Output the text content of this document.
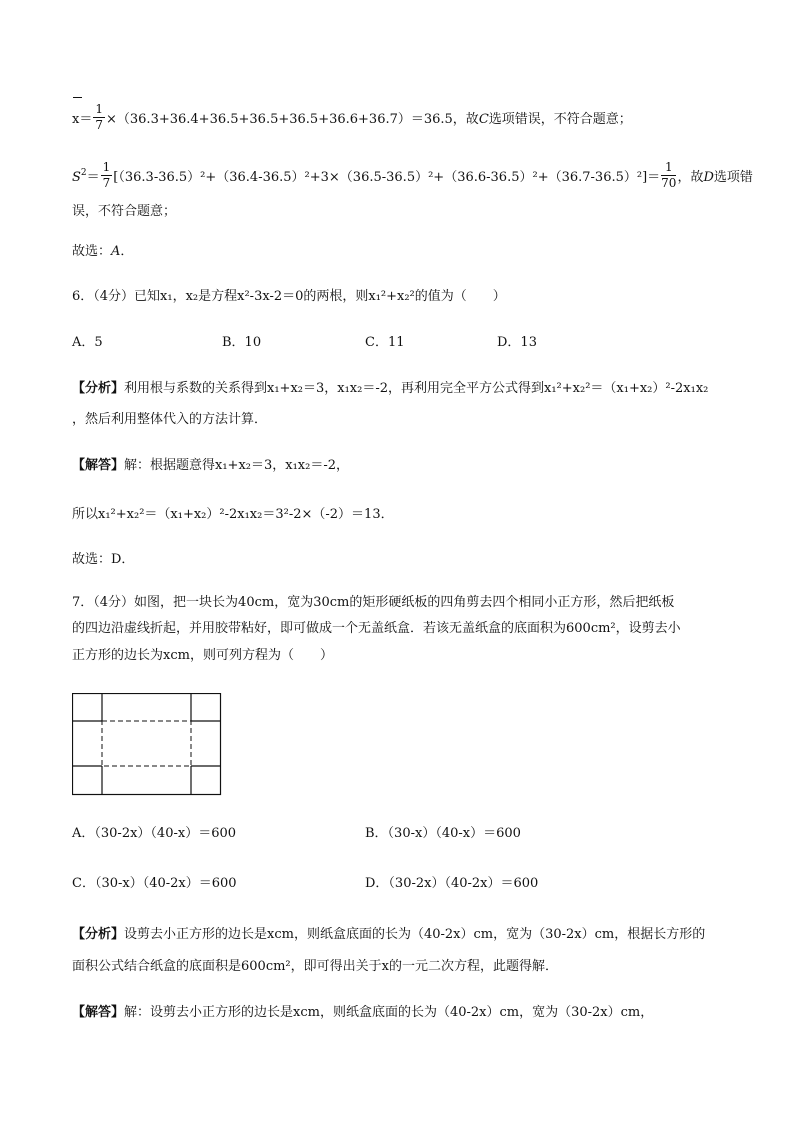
$x= \frac{1}{7} \times(36.3+36.4+36.5+36.5+36.5+36.6+36.7)=36.5$，故C选项错误，不符合题意；
$S^2= \frac{1}{7} [(36.3-36.5)^2+(36.4-36.5)^2+3\times(36.5-36.5)^2+(36.6-36.5)^2+(36.7-36.5)^2]= \frac{1}{70}$ ，故D选项错
误，不符合题意；
故选：A．
6．（4分）已知x₁，x₂是方程x²-3x-2＝0的两根，则x₁²+x₂²的值为（　　）
A．5	B．10	C．11	D．13
【分析】利用根与系数的关系得到x₁+x₂＝3，x₁x₂＝-2，再利用完全平方公式得到x₁²+x₂²＝（x₁+x₂）²-2x₁x₂
，然后利用整体代入的方法计算．
【解答】解：根据题意得x₁+x₂＝3，x₁x₂＝-2，
所以x₁²+x₂²＝（x₁+x₂）²-2x₁x₂＝3²-2×（-2）＝13．
故选：D．
7．（4分）如图，把一块长为40cm，宽为30cm的矩形硬纸板的四角剪去四个相同小正方形，然后把纸板
的四边沿虚线折起，并用胶带粘好，即可做成一个无盖纸盒．若该无盖纸盒的底面积为600cm²，设剪去小
正方形的边长为xcm，则可列方程为（　　）
A．（30-2x）（40-x）＝600	B．（30-x）（40-x）＝600
C．（30-x）（40-2x）＝600	D．（30-2x）（40-2x）＝600
【分析】设剪去小正方形的边长是xcm，则纸盒底面的长为（40-2x）cm，宽为（30-2x）cm，根据长方形的
面积公式结合纸盒的底面积是600cm²，即可得出关于x的一元二次方程，此题得解．
【解答】解：设剪去小正方形的边长是xcm，则纸盒底面的长为（40-2x）cm，宽为（30-2x）cm，
